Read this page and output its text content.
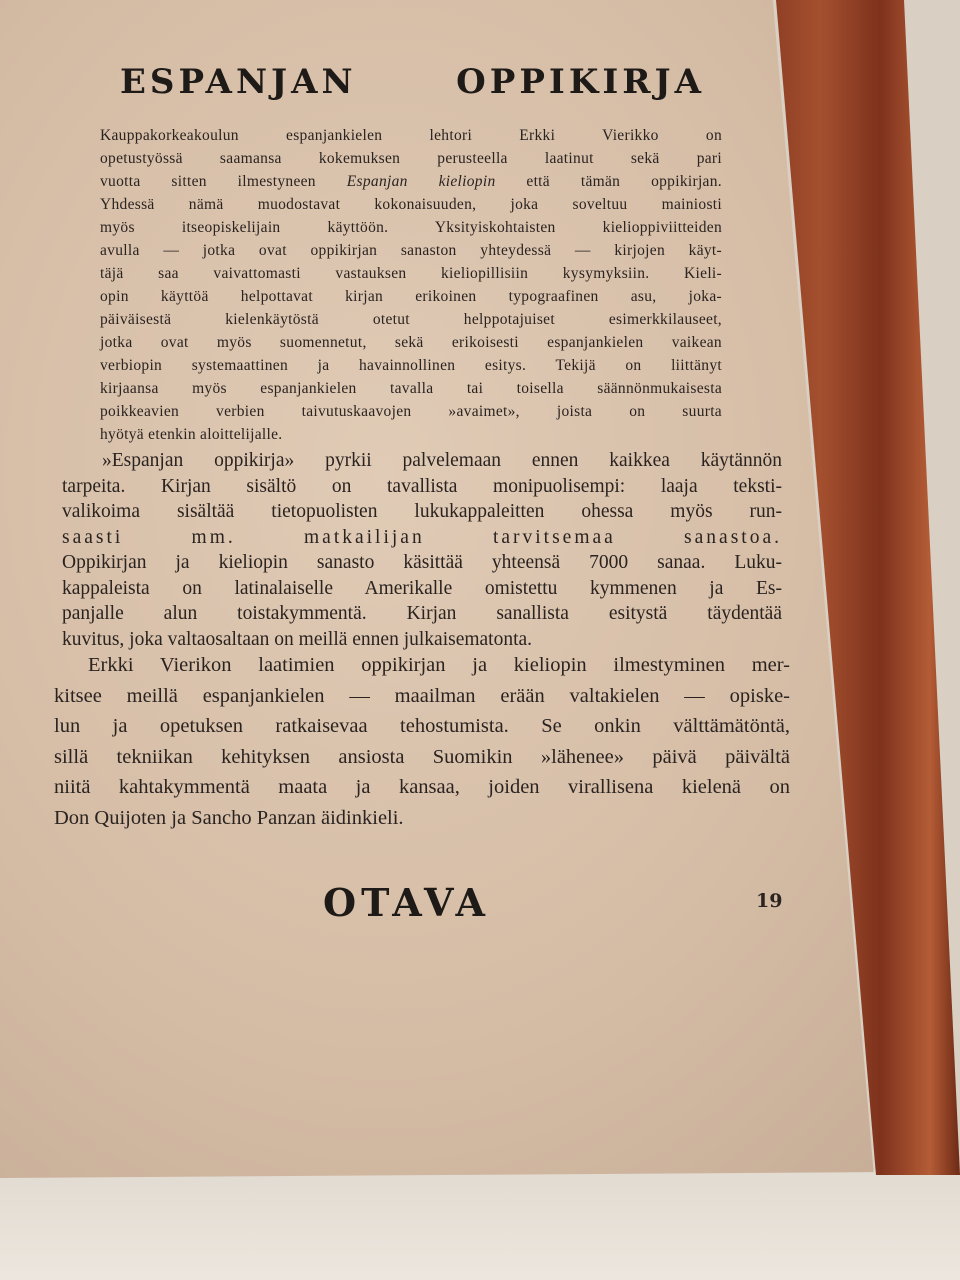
ESPANJAN OPPIKIRJA
Kauppakorkeakoulun espanjankielen lehtori Erkki Vierikko on
opetustyössä saamansa kokemuksen perusteella laatinut sekä pari
vuotta sitten ilmestyneen Espanjan kieliopin että tämän oppikirjan.
Yhdessä nämä muodostavat kokonaisuuden, joka soveltuu mainiosti
myös itseopiskelijain käyttöön. Yksityiskohtaisten kielioppiviitteiden
avulla — jotka ovat oppikirjan sanaston yhteydessä — kirjojen käyt-
täjä saa vaivattomasti vastauksen kieliopillisiin kysymyksiin. Kieli-
opin käyttöä helpottavat kirjan erikoinen typograafinen asu, joka-
päiväisestä kielenkäytöstä otetut helppotajuiset esimerkkilauseet,
jotka ovat myös suomennetut, sekä erikoisesti espanjankielen vaikean
verbiopin systemaattinen ja havainnollinen esitys. Tekijä on liittänyt
kirjaansa myös espanjankielen tavalla tai toisella säännönmukaisesta
poikkeavien verbien taivutuskaavojen »avaimet», joista on suurta
hyötyä etenkin aloittelijalle.
»Espanjan oppikirja» pyrkii palvelemaan ennen kaikkea käytännön
tarpeita. Kirjan sisältö on tavallista monipuolisempi: laaja teksti-
valikoima sisältää tietopuolisten lukukappaleitten ohessa myös run-
saasti mm. matkailijan tarvitsemaa sanastoa.
Oppikirjan ja kieliopin sanasto käsittää yhteensä 7000 sanaa. Luku-
kappaleista on latinalaiselle Amerikalle omistettu kymmenen ja Es-
panjalle alun toistakymmentä. Kirjan sanallista esitystä täydentää
kuvitus, joka valtaosaltaan on meillä ennen julkaisematonta.
Erkki Vierikon laatimien oppikirjan ja kieliopin ilmestyminen mer-
kitsee meillä espanjankielen — maailman erään valtakielen — opiske-
lun ja opetuksen ratkaisevaa tehostumista. Se onkin välttämätöntä,
sillä tekniikan kehityksen ansiosta Suomikin »lähenee» päivä päivältä
niitä kahtakymmentä maata ja kansaa, joiden virallisena kielenä on
Don Quijoten ja Sancho Panzan äidinkieli.
OTAVA	19
